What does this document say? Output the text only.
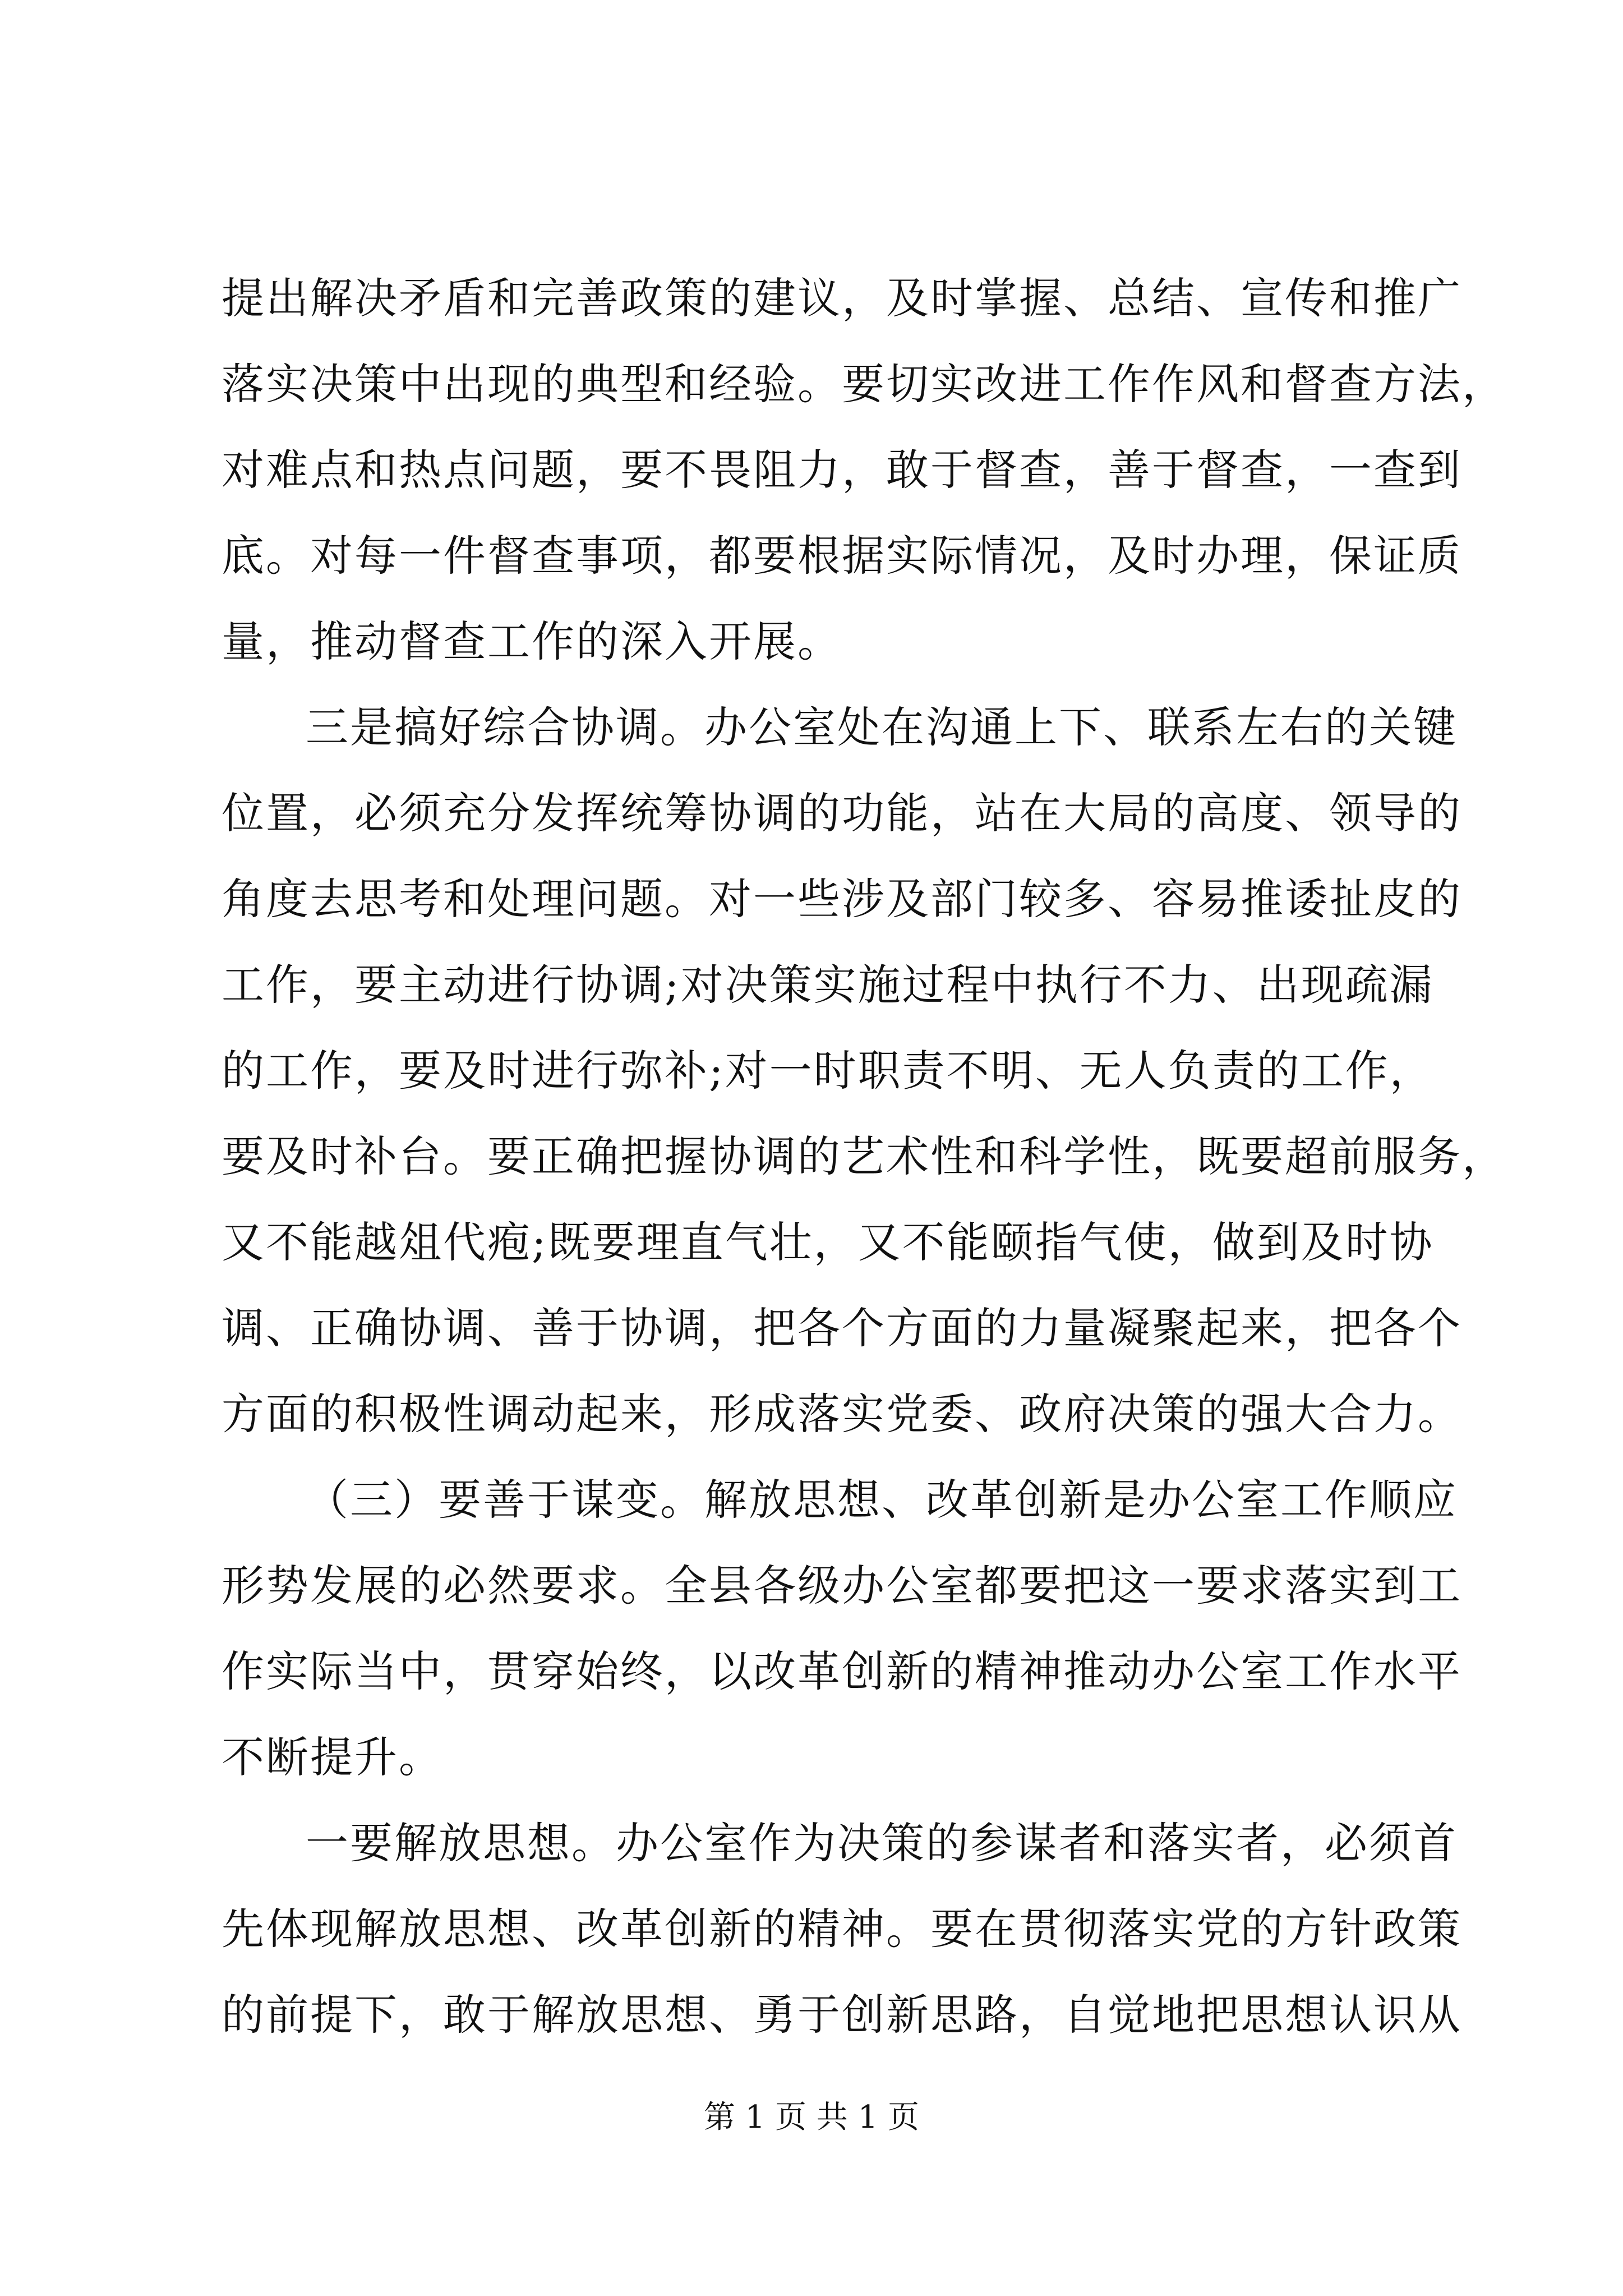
提出解决矛盾和完善政策的建议，及时掌握、总结、宣传和推广
落实决策中出现的典型和经验。要切实改进工作作风和督查方法，
对难点和热点问题，要不畏阻力，敢于督查，善于督查，一查到
底。对每一件督查事项，都要根据实际情况，及时办理，保证质
量，推动督查工作的深入开展。
三是搞好综合协调。办公室处在沟通上下、联系左右的关键
位置，必须充分发挥统筹协调的功能，站在大局的高度、领导的
角度去思考和处理问题。对一些涉及部门较多、容易推诿扯皮的
工作，要主动进行协调;对决策实施过程中执行不力、出现疏漏
的工作，要及时进行弥补;对一时职责不明、无人负责的工作，
要及时补台。要正确把握协调的艺术性和科学性，既要超前服务，
又不能越俎代疱;既要理直气壮，又不能颐指气使，做到及时协
调、正确协调、善于协调，把各个方面的力量凝聚起来，把各个
方面的积极性调动起来，形成落实党委、政府决策的强大合力。
（三）要善于谋变。解放思想、改革创新是办公室工作顺应
形势发展的必然要求。全县各级办公室都要把这一要求落实到工
作实际当中，贯穿始终，以改革创新的精神推动办公室工作水平
不断提升。
一要解放思想。办公室作为决策的参谋者和落实者，必须首
先体现解放思想、改革创新的精神。要在贯彻落实党的方针政策
的前提下，敢于解放思想、勇于创新思路，自觉地把思想认识从
第 1 页 共 1 页
